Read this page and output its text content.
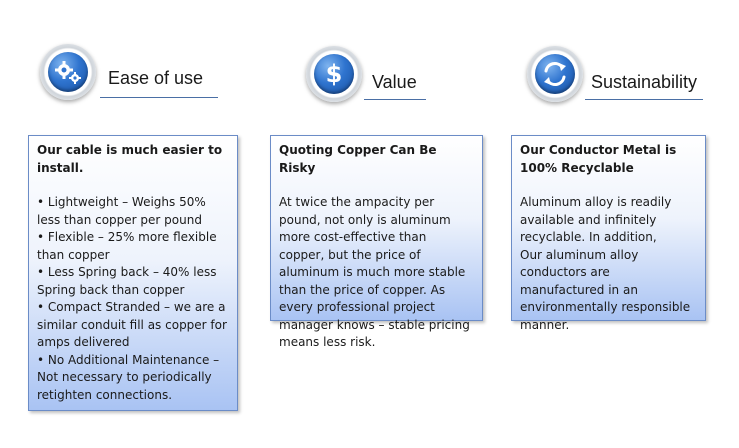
Ease of use
Our cable is much easier to install.
• Lightweight – Weighs 50% less than copper per pound
• Flexible – 25% more flexible than copper
• Less Spring back – 40% less Spring back than copper
• Compact Stranded – we are a similar conduit fill as copper for amps delivered
• No Additional Maintenance – Not necessary to periodically retighten connections.
$ Value
Quoting Copper Can Be Risky
At twice the ampacity per pound, not only is aluminum more cost-effective than copper, but the price of aluminum is much more stable than the price of copper. As every professional project manager knows – stable pricing means less risk.
Sustainability
Our Conductor Metal is 100% Recyclable
Aluminum alloy is readily available and infinitely recyclable. In addition,
Our aluminum alloy conductors are manufactured in an environmentally responsible manner.
